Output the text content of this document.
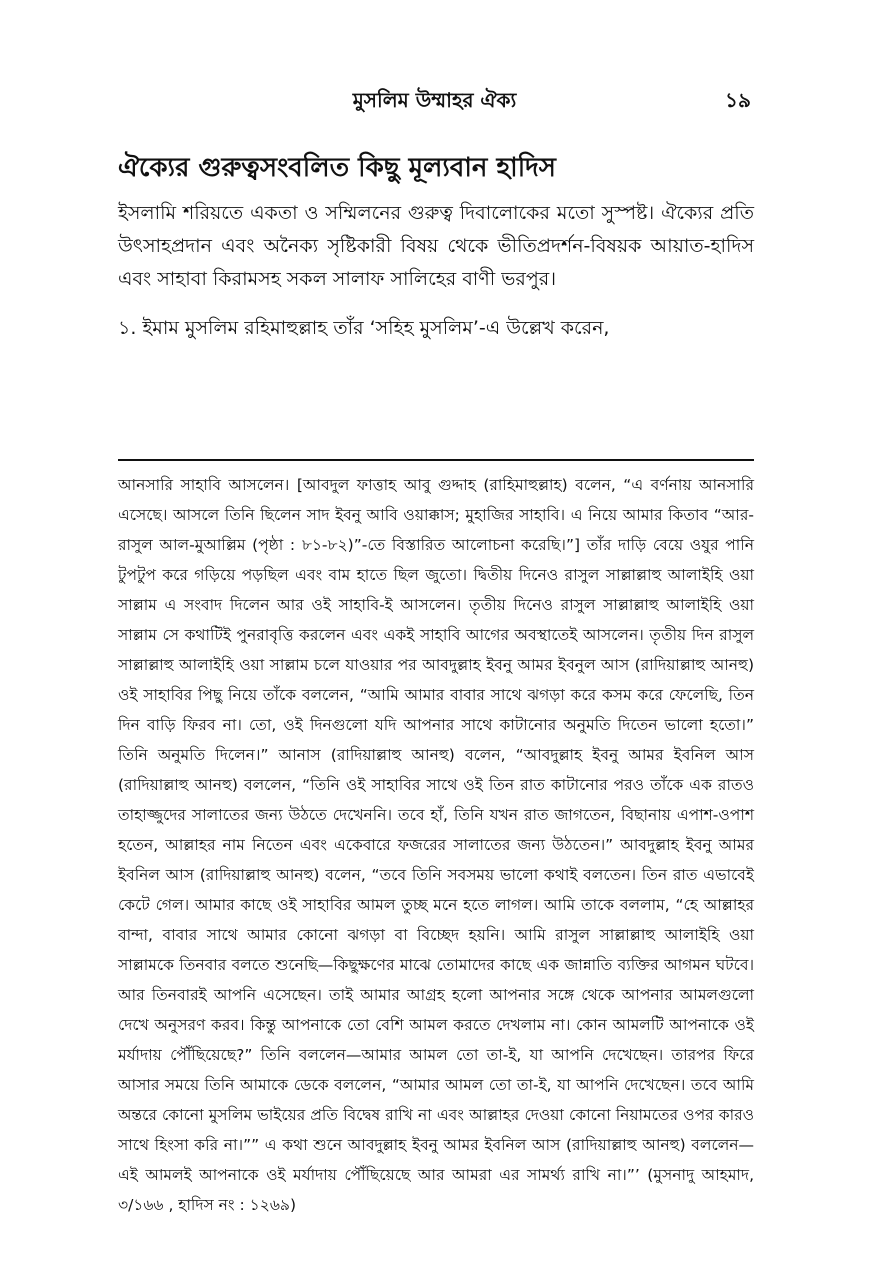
মুসলিম উম্মাহর ঐক্য	১৯
ঐক্যের গুরুত্বসংবলিত কিছু মূল্যবান হাদিস

ইসলামি শরিয়তে একতা ও সম্মিলনের গুরুত্ব দিবালোকের মতো সুস্পষ্ট। ঐক্যের প্রতি উৎসাহপ্রদান এবং অনৈক্য সৃষ্টিকারী বিষয় থেকে ভীতিপ্রদর্শন-বিষয়ক আয়াত-হাদিস এবং সাহাবা কিরামসহ সকল সালাফ সালিহের বাণী ভরপুর।

১. ইমাম মুসলিম রহিমাহুল্লাহ তাঁর ‘সহিহ মুসলিম’-এ উল্লেখ করেন,

আনসারি সাহাবি আসলেন। [আবদুল ফাত্তাহ আবু গুদ্দাহ (রাহিমাহুল্লাহ) বলেন, “এ বর্ণনায় আনসারি এসেছে। আসলে তিনি ছিলেন সাদ ইবনু আবি ওয়াক্কাস; মুহাজির সাহাবি। এ নিয়ে আমার কিতাব “আর-রাসুল আল-মুআল্লিম (পৃষ্ঠা : ৮১-৮২)”-তে বিস্তারিত আলোচনা করেছি।”] তাঁর দাড়ি বেয়ে ওযুর পানি টুপটুপ করে গড়িয়ে পড়ছিল এবং বাম হাতে ছিল জুতো। দ্বিতীয় দিনেও রাসুল সাল্লাল্লাহু আলাইহি ওয়া সাল্লাম এ সংবাদ দিলেন আর ওই সাহাবি-ই আসলেন। তৃতীয় দিনেও রাসুল সাল্লাল্লাহু আলাইহি ওয়া সাল্লাম সে কথাটিই পুনরাবৃত্তি করলেন এবং একই সাহাবি আগের অবস্থাতেই আসলেন। তৃতীয় দিন রাসুল সাল্লাল্লাহু আলাইহি ওয়া সাল্লাম চলে যাওয়ার পর আবদুল্লাহ ইবনু আমর ইবনুল আস (রাদিয়াল্লাহু আনহু) ওই সাহাবির পিছু নিয়ে তাঁকে বললেন, “আমি আমার বাবার সাথে ঝগড়া করে কসম করে ফেলেছি, তিন দিন বাড়ি ফিরব না। তো, ওই দিনগুলো যদি আপনার সাথে কাটানোর অনুমতি দিতেন ভালো হতো।” তিনি অনুমতি দিলেন।” আনাস (রাদিয়াল্লাহু আনহু) বলেন, “আবদুল্লাহ ইবনু আমর ইবনিল আস (রাদিয়াল্লাহু আনহু) বললেন, “তিনি ওই সাহাবির সাথে ওই তিন রাত কাটানোর পরও তাঁকে এক রাতও তাহাজ্জুদের সালাতের জন্য উঠতে দেখেননি। তবে হাঁ, তিনি যখন রাত জাগতেন, বিছানায় এপাশ-ওপাশ হতেন, আল্লাহর নাম নিতেন এবং একেবারে ফজরের সালাতের জন্য উঠতেন।” আবদুল্লাহ ইবনু আমর ইবনিল আস (রাদিয়াল্লাহু আনহু) বলেন, “তবে তিনি সবসময় ভালো কথাই বলতেন। তিন রাত এভাবেই কেটে গেল। আমার কাছে ওই সাহাবির আমল তুচ্ছ মনে হতে লাগল। আমি তাকে বললাম, “হে আল্লাহর বান্দা, বাবার সাথে আমার কোনো ঝগড়া বা বিচ্ছেদ হয়নি। আমি রাসুল সাল্লাল্লাহু আলাইহি ওয়া সাল্লামকে তিনবার বলতে শুনেছি—কিছুক্ষণের মাঝে তোমাদের কাছে এক জান্নাতি ব্যক্তির আগমন ঘটবে। আর তিনবারই আপনি এসেছেন। তাই আমার আগ্রহ হলো আপনার সঙ্গে থেকে আপনার আমলগুলো দেখে অনুসরণ করব। কিন্তু আপনাকে তো বেশি আমল করতে দেখলাম না। কোন আমলটি আপনাকে ওই মর্যাদায় পৌঁছিয়েছে?” তিনি বললেন—আমার আমল তো তা-ই, যা আপনি দেখেছেন। তারপর ফিরে আসার সময়ে তিনি আমাকে ডেকে বললেন, “আমার আমল তো তা-ই, যা আপনি দেখেছেন। তবে আমি অন্তরে কোনো মুসলিম ভাইয়ের প্রতি বিদ্বেষ রাখি না এবং আল্লাহর দেওয়া কোনো নিয়ামতের ওপর কারও সাথে হিংসা করি না।”” এ কথা শুনে আবদুল্লাহ ইবনু আমর ইবনিল আস (রাদিয়াল্লাহু আনহু) বললেন—এই আমলই আপনাকে ওই মর্যাদায় পৌঁছিয়েছে আর আমরা এর সামর্থ্য রাখি না।”’ (মুসনাদু আহমাদ, ৩/১৬৬ , হাদিস নং : ১২৬৯)
